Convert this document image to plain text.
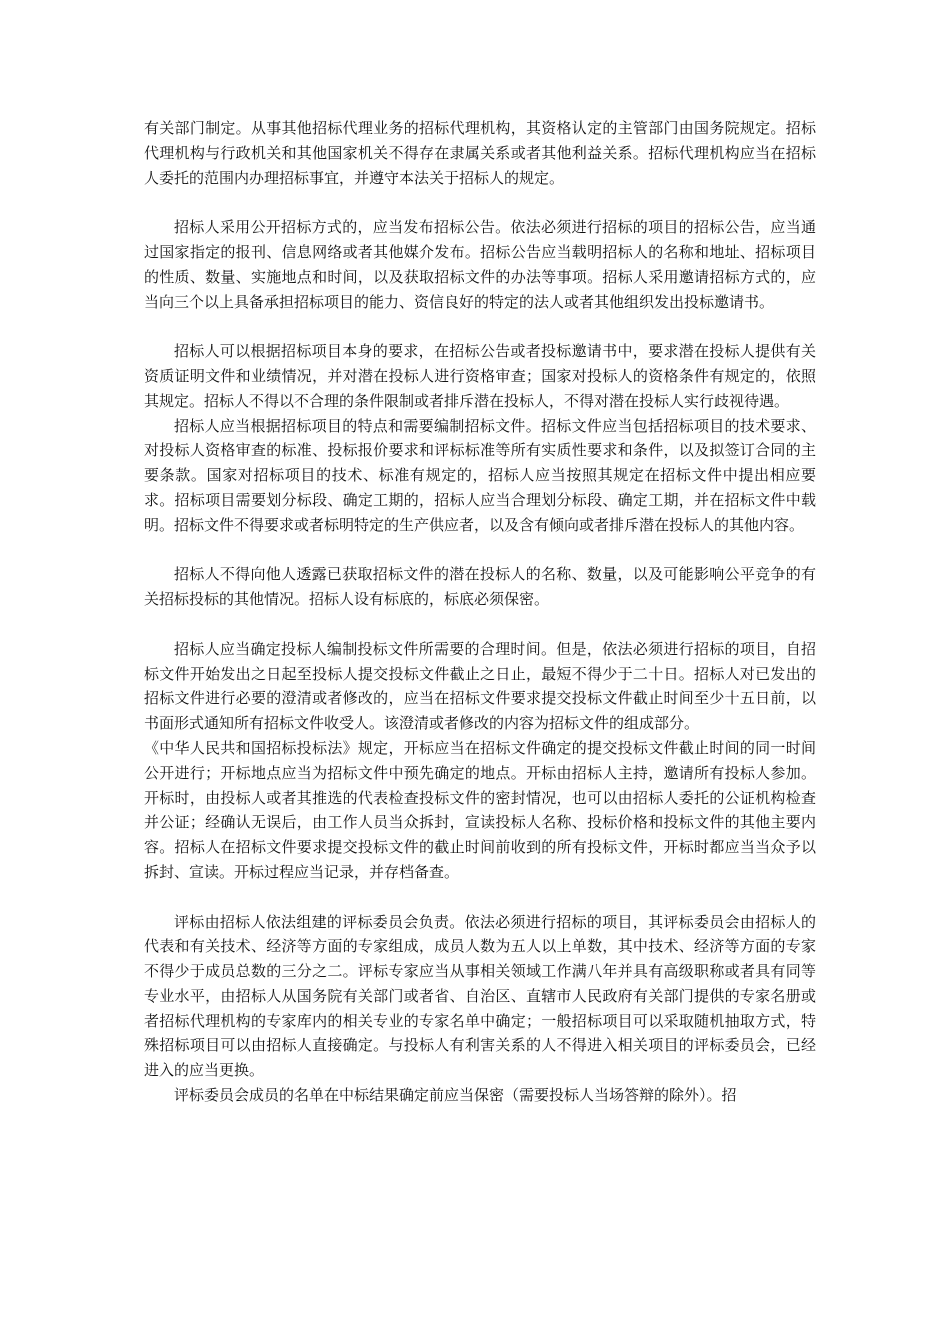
有关部门制定。从事其他招标代理业务的招标代理机构，其资格认定的主管部门由国务院规定。招标代理机构与行政机关和其他国家机关不得存在隶属关系或者其他利益关系。招标代理机构应当在招标人委托的范围内办理招标事宜，并遵守本法关于招标人的规定。

招标人采用公开招标方式的，应当发布招标公告。依法必须进行招标的项目的招标公告，应当通过国家指定的报刊、信息网络或者其他媒介发布。招标公告应当载明招标人的名称和地址、招标项目的性质、数量、实施地点和时间，以及获取招标文件的办法等事项。招标人采用邀请招标方式的，应当向三个以上具备承担招标项目的能力、资信良好的特定的法人或者其他组织发出投标邀请书。

招标人可以根据招标项目本身的要求，在招标公告或者投标邀请书中，要求潜在投标人提供有关资质证明文件和业绩情况，并对潜在投标人进行资格审查；国家对投标人的资格条件有规定的，依照其规定。招标人不得以不合理的条件限制或者排斥潜在投标人，不得对潜在投标人实行歧视待遇。

招标人应当根据招标项目的特点和需要编制招标文件。招标文件应当包括招标项目的技术要求、对投标人资格审查的标准、投标报价要求和评标标准等所有实质性要求和条件，以及拟签订合同的主要条款。国家对招标项目的技术、标准有规定的，招标人应当按照其规定在招标文件中提出相应要求。招标项目需要划分标段、确定工期的，招标人应当合理划分标段、确定工期，并在招标文件中载明。招标文件不得要求或者标明特定的生产供应者，以及含有倾向或者排斥潜在投标人的其他内容。

招标人不得向他人透露已获取招标文件的潜在投标人的名称、数量，以及可能影响公平竞争的有关招标投标的其他情况。招标人设有标底的，标底必须保密。

招标人应当确定投标人编制投标文件所需要的合理时间。但是，依法必须进行招标的项目，自招标文件开始发出之日起至投标人提交投标文件截止之日止，最短不得少于二十日。招标人对已发出的招标文件进行必要的澄清或者修改的，应当在招标文件要求提交投标文件截止时间至少十五日前，以书面形式通知所有招标文件收受人。该澄清或者修改的内容为招标文件的组成部分。

《中华人民共和国招标投标法》规定，开标应当在招标文件确定的提交投标文件截止时间的同一时间公开进行；开标地点应当为招标文件中预先确定的地点。开标由招标人主持，邀请所有投标人参加。开标时，由投标人或者其推选的代表检查投标文件的密封情况，也可以由招标人委托的公证机构检查并公证；经确认无误后，由工作人员当众拆封，宣读投标人名称、投标价格和投标文件的其他主要内容。招标人在招标文件要求提交投标文件的截止时间前收到的所有投标文件，开标时都应当当众予以拆封、宣读。开标过程应当记录，并存档备查。

评标由招标人依法组建的评标委员会负责。依法必须进行招标的项目，其评标委员会由招标人的代表和有关技术、经济等方面的专家组成，成员人数为五人以上单数，其中技术、经济等方面的专家不得少于成员总数的三分之二。评标专家应当从事相关领域工作满八年并具有高级职称或者具有同等专业水平，由招标人从国务院有关部门或者省、自治区、直辖市人民政府有关部门提供的专家名册或者招标代理机构的专家库内的相关专业的专家名单中确定；一般招标项目可以采取随机抽取方式，特殊招标项目可以由招标人直接确定。与投标人有利害关系的人不得进入相关项目的评标委员会，已经进入的应当更换。

评标委员会成员的名单在中标结果确定前应当保密（需要投标人当场答辩的除外）。招
